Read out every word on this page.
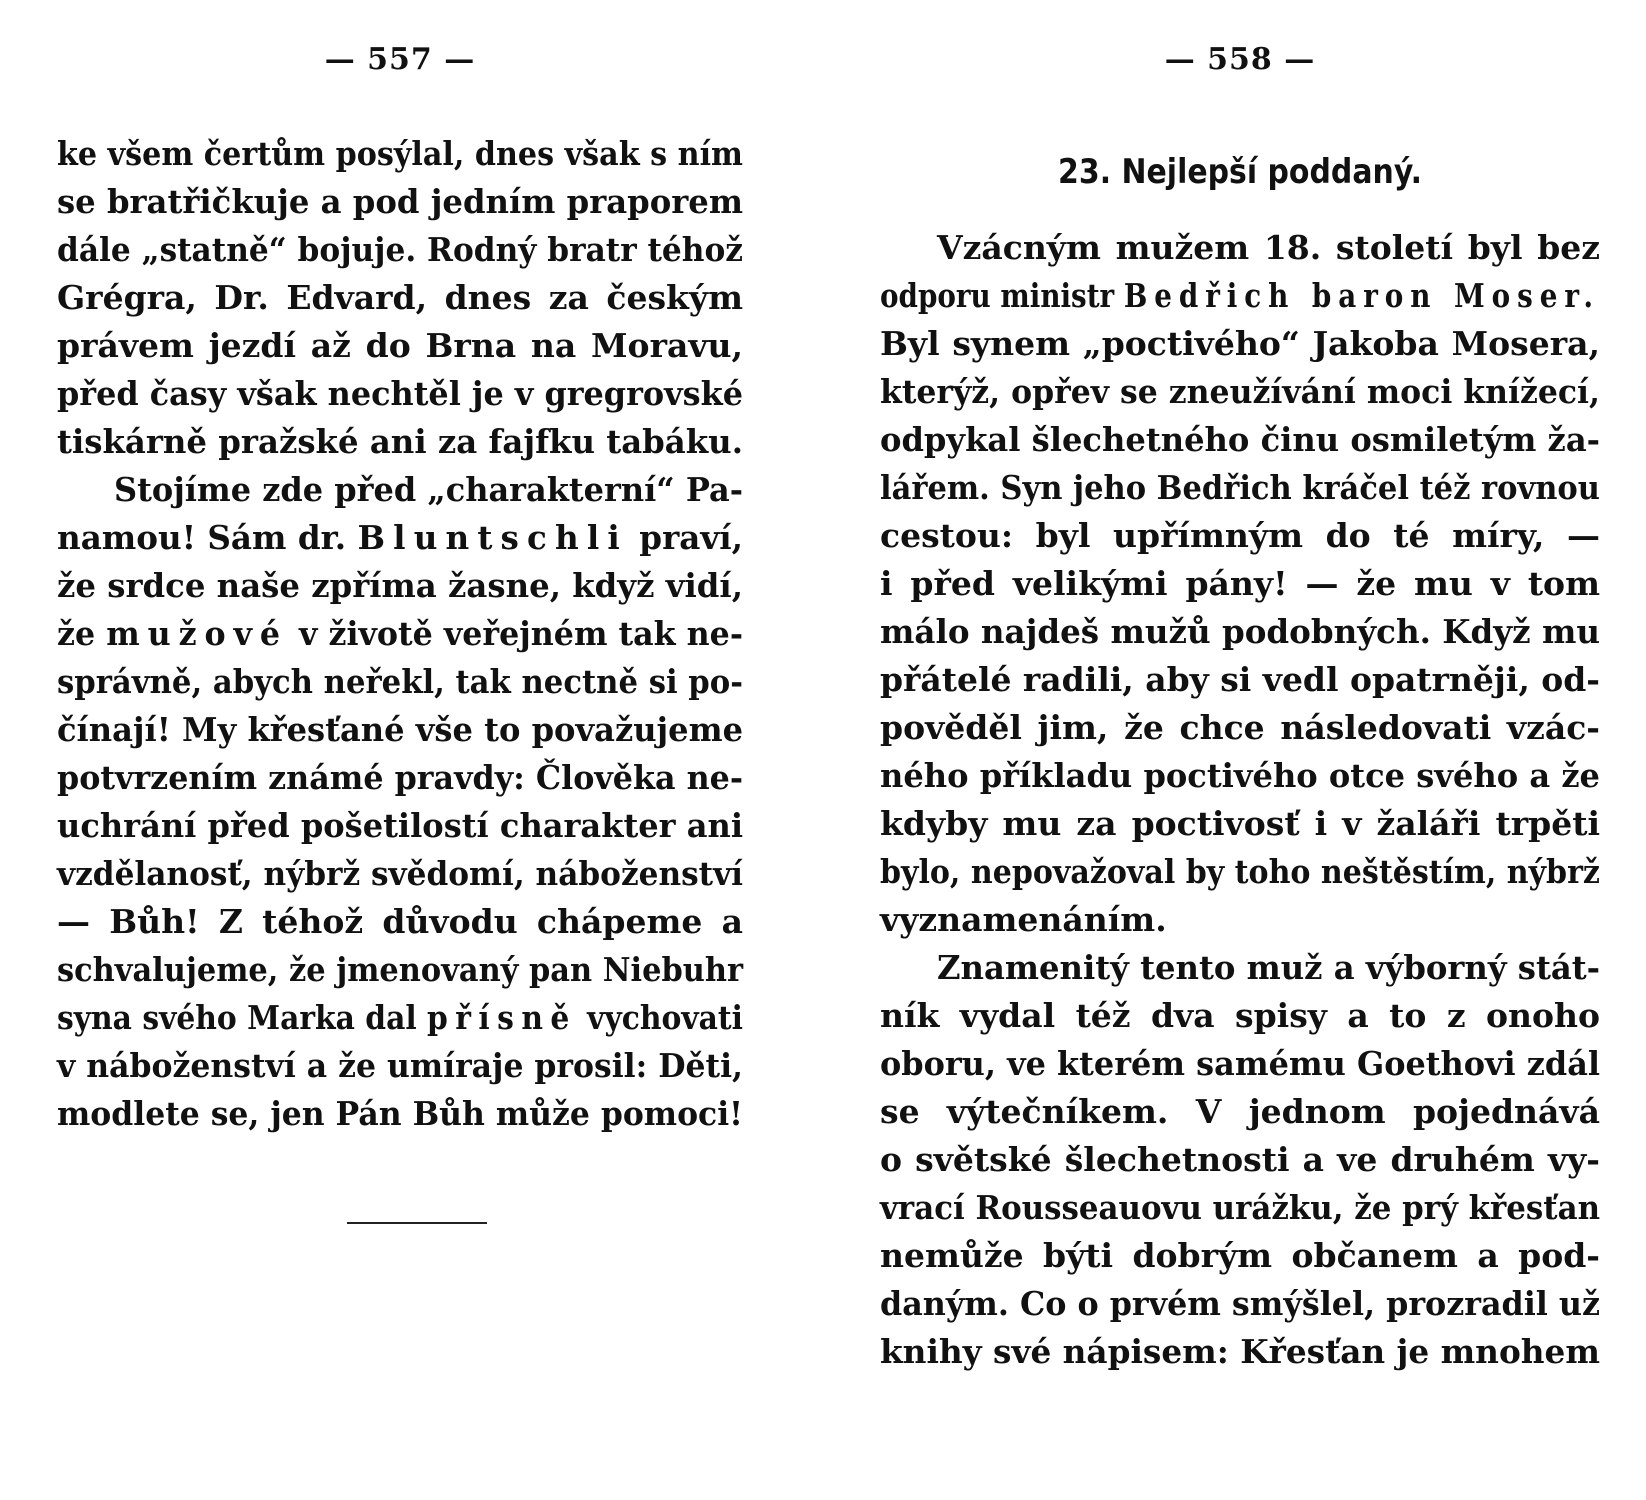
— 557 —
ke všem čertům posýlal, dnes však s ním
se bratřičkuje a pod jedním praporem
dále „statně“ bojuje. Rodný bratr téhož
Grégra, Dr. Edvard, dnes za českým
právem jezdí až do Brna na Moravu,
před časy však nechtěl je v gregrovské
tiskárně pražské ani za fajfku tabáku.
Stojíme zde před „charakterní“ Pa-
namou! Sám dr. Bluntschli praví,
že srdce naše zpříma žasne, když vidí,
že mužové v životě veřejném tak ne-
správně, abych neřekl, tak nectně si po-
čínají! My křesťané vše to považujeme
potvrzením známé pravdy: Člověka ne-
uchrání před pošetilostí charakter ani
vzdělanosť, nýbrž svědomí, náboženství
— Bůh! Z téhož důvodu chápeme a
schvalujeme, že jmenovaný pan Niebuhr
syna svého Marka dal přísně vychovati
v náboženství a že umíraje prosil: Děti,
modlete se, jen Pán Bůh může pomoci!
— 558 —
23. Nejlepší poddaný.
Vzácným mužem 18. století byl bez
odporu ministr Bedřich baron Moser.
Byl synem „poctivého“ Jakoba Mosera,
kterýž, opřev se zneužívání moci knížecí,
odpykal šlechetného činu osmiletým ža-
lářem. Syn jeho Bedřich kráčel též rovnou
cestou: byl upřímným do té míry, —
i před velikými pány! — že mu v tom
málo najdeš mužů podobných. Když mu
přátelé radili, aby si vedl opatrněji, od-
pověděl jim, že chce následovati vzác-
ného příkladu poctivého otce svého a že
kdyby mu za poctivosť i v žaláři trpěti
bylo, nepovažoval by toho neštěstím, nýbrž
vyznamenáním.
Znamenitý tento muž a výborný stát-
ník vydal též dva spisy a to z onoho
oboru, ve kterém samému Goethovi zdál
se výtečníkem. V jednom pojednává
o světské šlechetnosti a ve druhém vy-
vrací Rousseauovu urážku, že prý křesťan
nemůže býti dobrým občanem a pod-
daným. Co o prvém smýšlel, prozradil už
knihy své nápisem: Křesťan je mnohem
